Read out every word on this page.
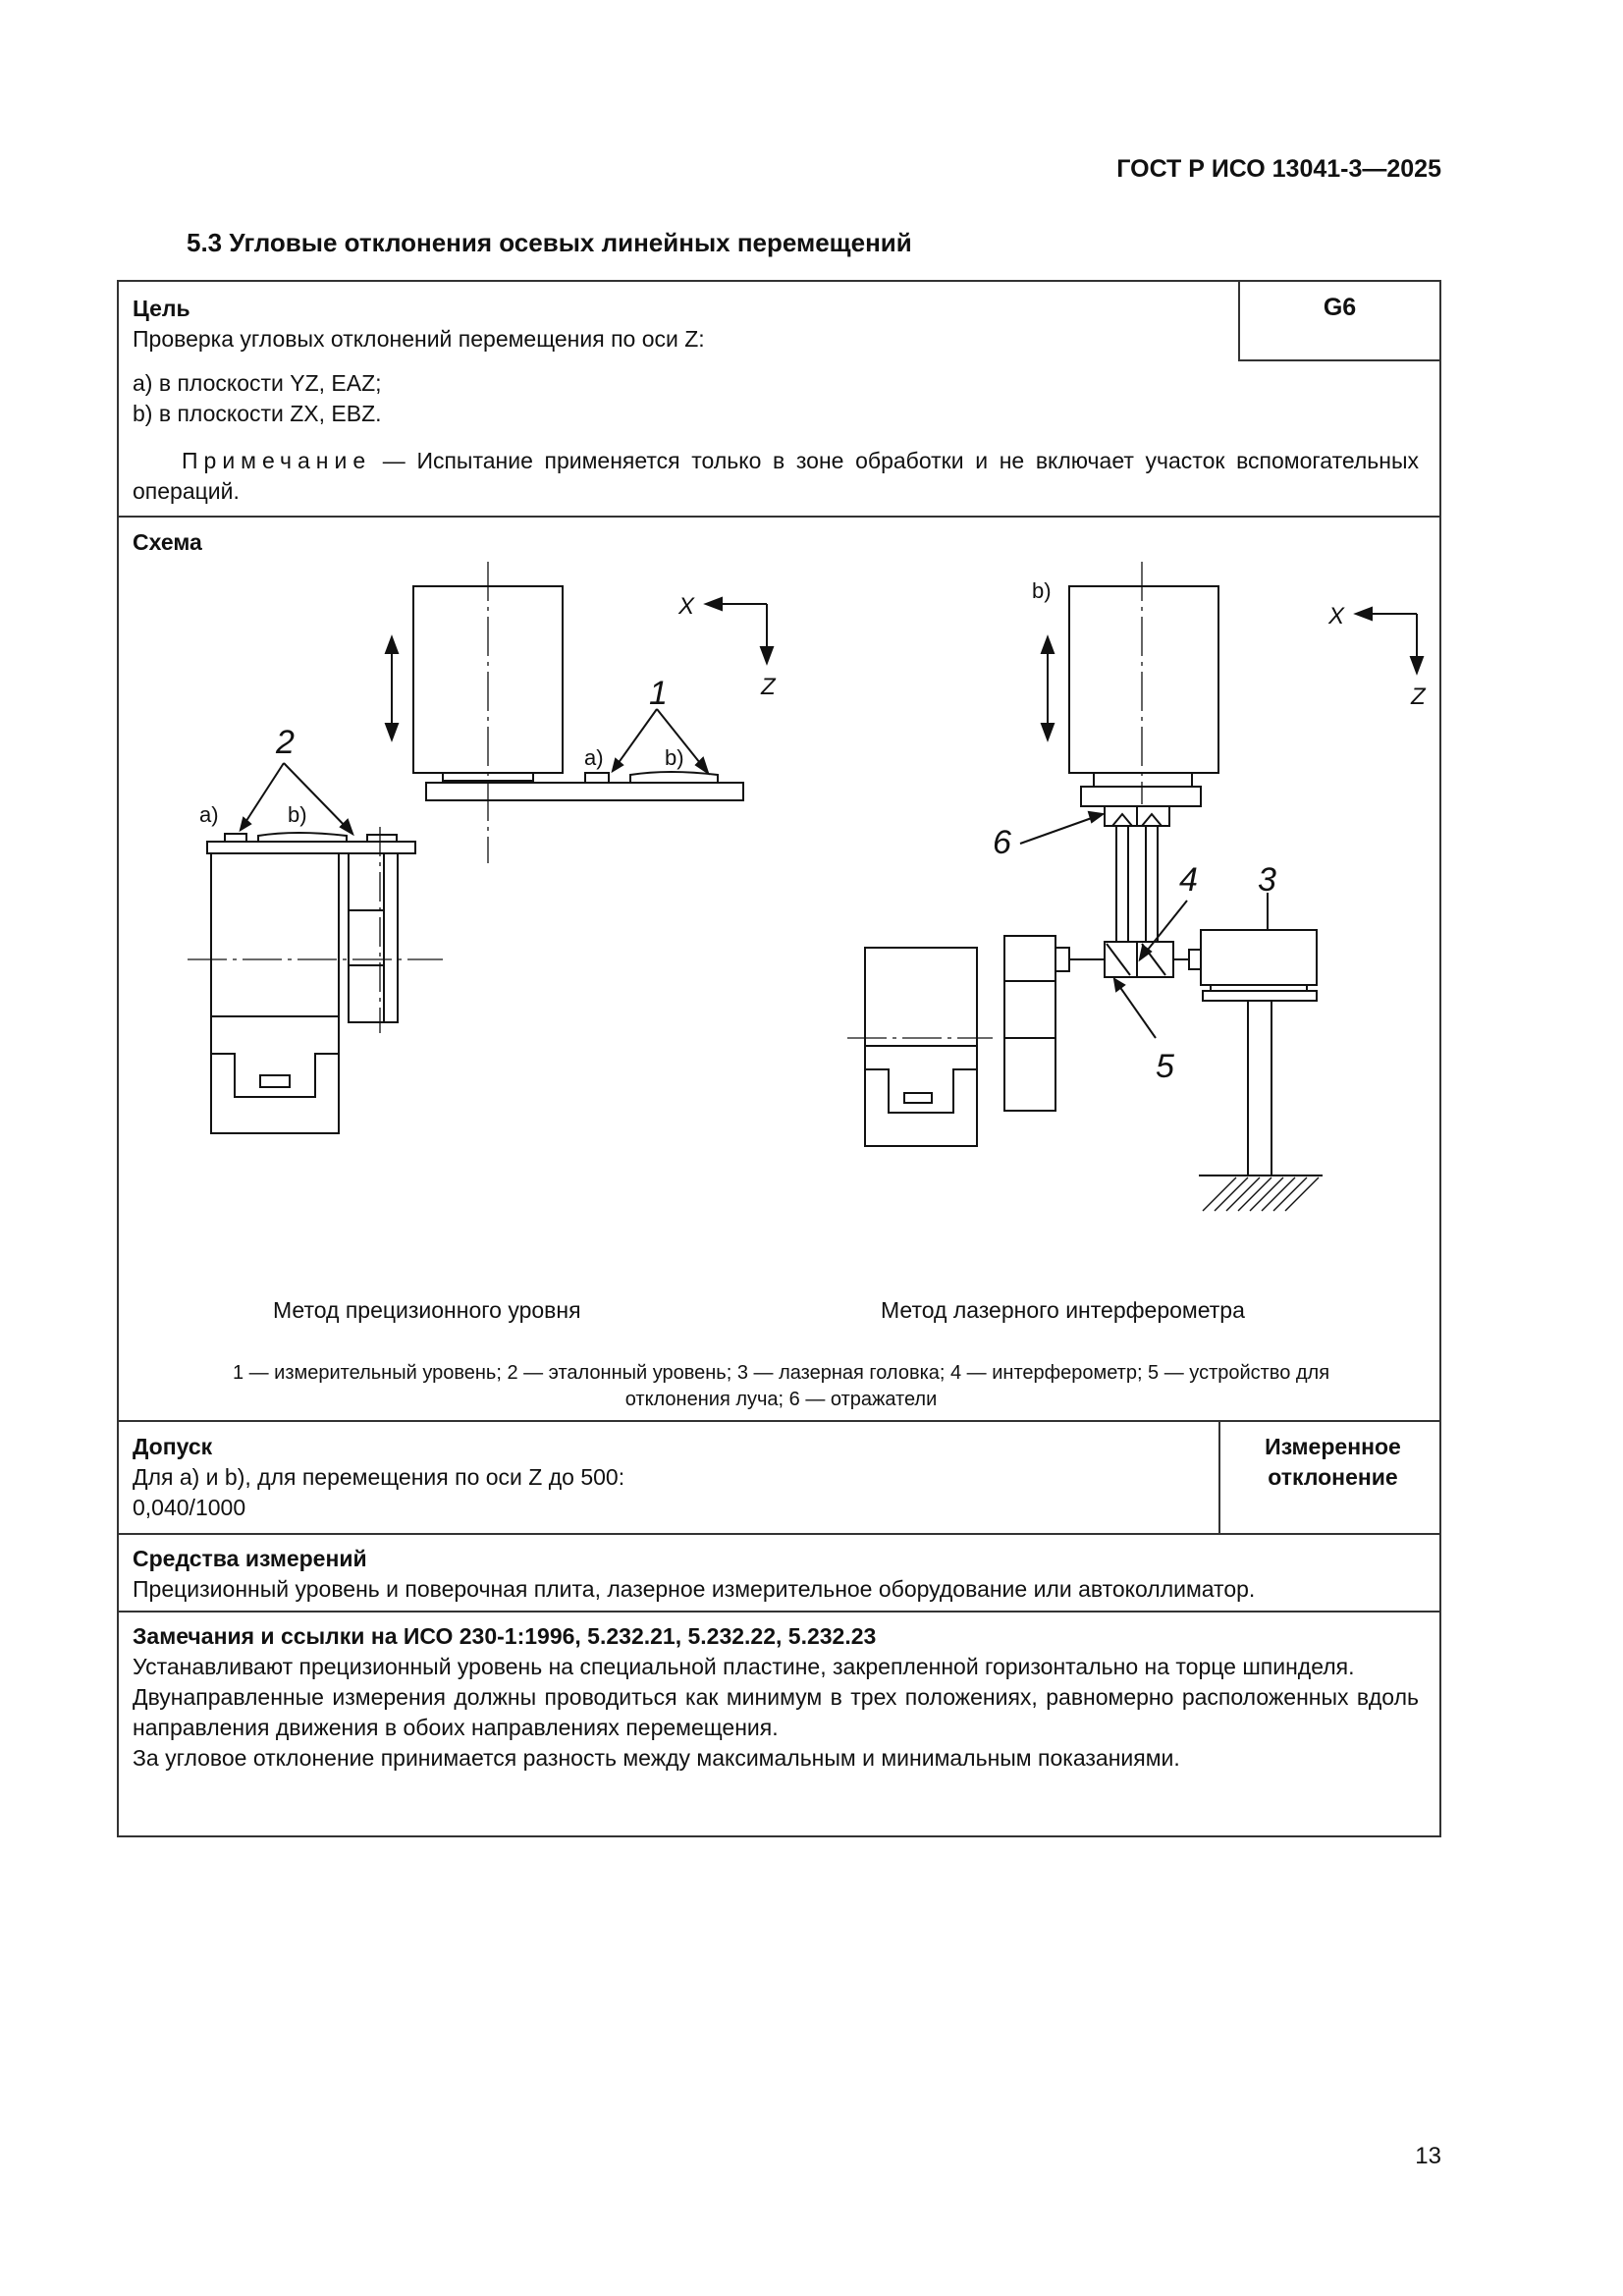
ГОСТ Р ИСО 13041-3—2025
5.3 Угловые отклонения осевых линейных перемещений
G6
Цель
Проверка угловых отклонений перемещения по оси Z:
а) в плоскости YZ, EAZ;
b) в плоскости ZX, EBZ.
Примечание — Испытание применяется только в зоне обработки и не включает участок вспомогательных операций.
Схема
1
a)	b)
X
Z
2
a)	b)
b)
X
Z
6
4 3
5
Метод прецизионного уровня	Метод лазерного интерферометра
1 — измерительный уровень; 2 — эталонный уровень; 3 — лазерная головка; 4 — интерферометр; 5 — устройство для
отклонения луча; 6 — отражатели
Допуск
Для а) и b), для перемещения по оси Z до 500:
0,040/1000
Измеренное
отклонение
Средства измерений
Прецизионный уровень и поверочная плита, лазерное измерительное оборудование или автоколлиматор.
Замечания и ссылки на ИСО 230-1:1996, 5.232.21, 5.232.22, 5.232.23
Устанавливают прецизионный уровень на специальной пластине, закрепленной горизонтально на торце шпинделя.
Двунаправленные измерения должны проводиться как минимум в трех положениях, равномерно расположенных вдоль направления движения в обоих направлениях перемещения.
За угловое отклонение принимается разность между максимальным и минимальным показаниями.
13
